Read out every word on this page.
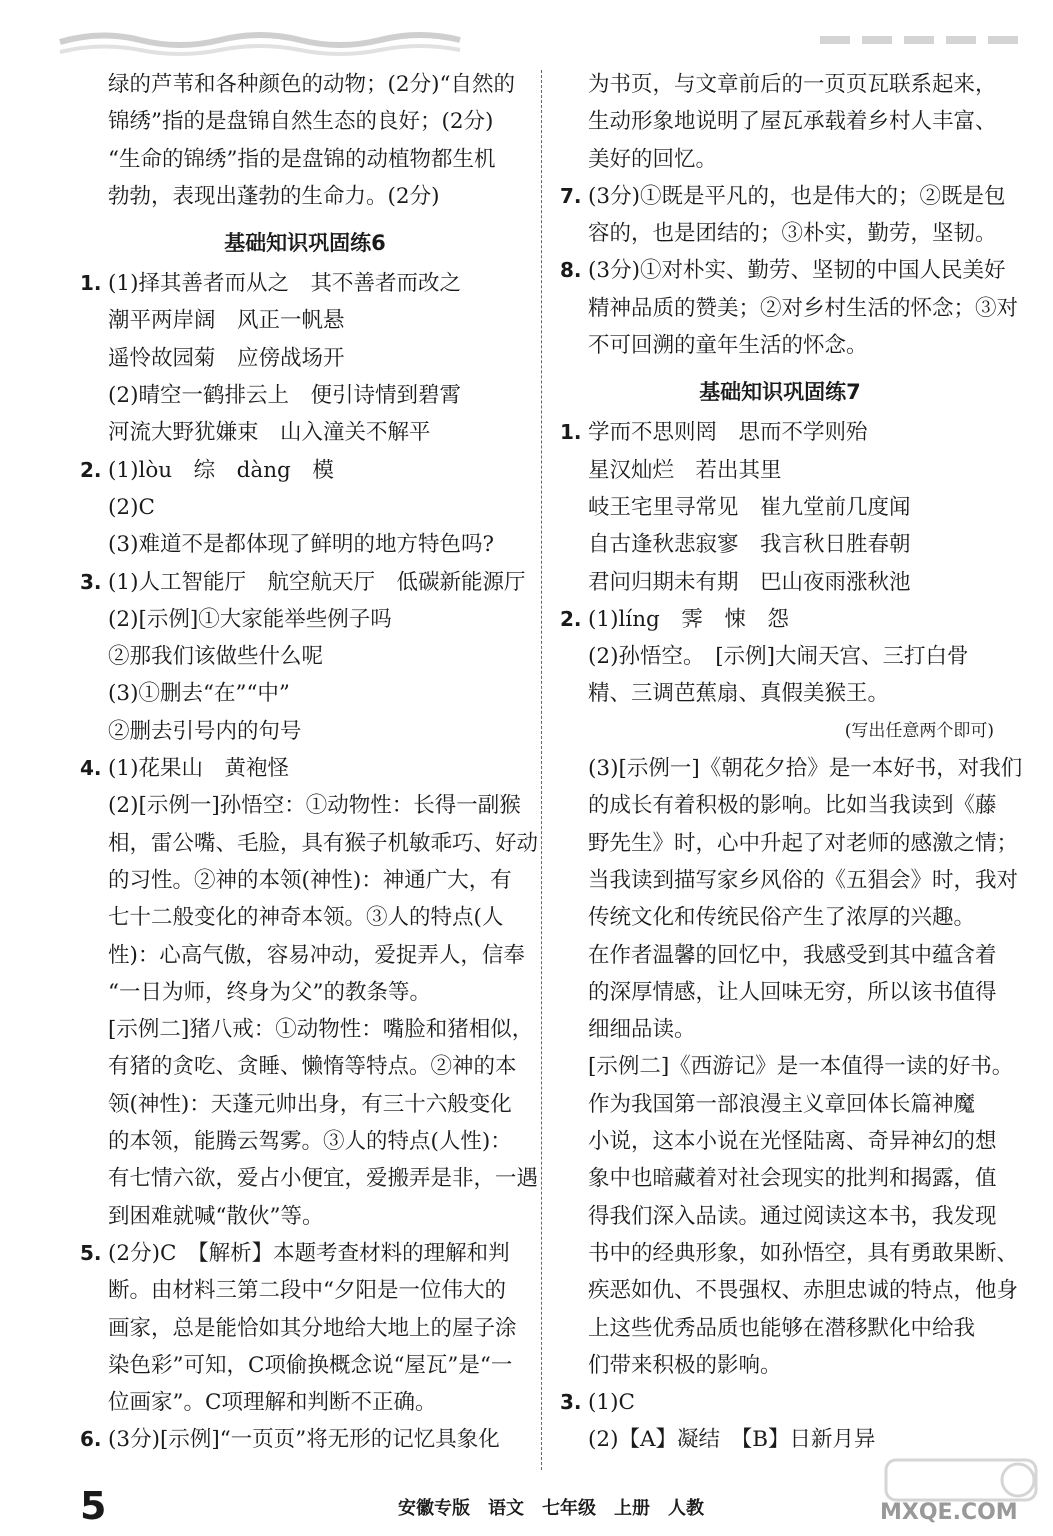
绿的芦苇和各种颜色的动物；(2分)“自然的
锦绣”指的是盘锦自然生态的良好；(2分)
“生命的锦绣”指的是盘锦的动植物都生机
勃勃，表现出蓬勃的生命力。(2分)
基础知识巩固练6
1. (1)择其善者而从之　其不善者而改之
潮平两岸阔　风正一帆悬
遥怜故园菊　应傍战场开
(2)晴空一鹤排云上　便引诗情到碧霄
河流大野犹嫌束　山入潼关不解平
2. (1)lòu　综　dàng　模
(2)C
(3)难道不是都体现了鲜明的地方特色吗?
3. (1)人工智能厅　航空航天厅　低碳新能源厅
(2)[示例]①大家能举些例子吗
②那我们该做些什么呢
(3)①删去“在”“中”
②删去引号内的句号
4. (1)花果山　黄袍怪
(2)[示例一]孙悟空：①动物性：长得一副猴
相，雷公嘴、毛脸，具有猴子机敏乖巧、好动
的习性。②神的本领(神性)：神通广大，有
七十二般变化的神奇本领。③人的特点(人
性)：心高气傲，容易冲动，爱捉弄人，信奉
“一日为师，终身为父”的教条等。
[示例二]猪八戒：①动物性：嘴脸和猪相似，
有猪的贪吃、贪睡、懒惰等特点。②神的本
领(神性)：天蓬元帅出身，有三十六般变化
的本领，能腾云驾雾。③人的特点(人性)：
有七情六欲，爱占小便宜，爱搬弄是非，一遇
到困难就喊“散伙”等。
5. (2分)C　【解析】本题考查材料的理解和判
断。由材料三第二段中“夕阳是一位伟大的
画家，总是能恰如其分地给大地上的屋子涂
染色彩”可知，C项偷换概念说“屋瓦”是“一
位画家”。C项理解和判断不正确。
6. (3分)[示例]“一页页”将无形的记忆具象化
为书页，与文章前后的一页页瓦联系起来，
生动形象地说明了屋瓦承载着乡村人丰富、
美好的回忆。
7. (3分)①既是平凡的，也是伟大的；②既是包
容的，也是团结的；③朴实，勤劳，坚韧。
8. (3分)①对朴实、勤劳、坚韧的中国人民美好
精神品质的赞美；②对乡村生活的怀念；③对
不可回溯的童年生活的怀念。
基础知识巩固练7
1. 学而不思则罔　思而不学则殆
星汉灿烂　若出其里
岐王宅里寻常见　崔九堂前几度闻
自古逢秋悲寂寥　我言秋日胜春朝
君问归期未有期　巴山夜雨涨秋池
2. (1)líng　霁　悚　怨
(2)孙悟空。　[示例]大闹天宫、三打白骨
精、三调芭蕉扇、真假美猴王。
(写出任意两个即可)
(3)[示例一]《朝花夕拾》是一本好书，对我们
的成长有着积极的影响。比如当我读到《藤
野先生》时，心中升起了对老师的感激之情；
当我读到描写家乡风俗的《五猖会》时，我对
传统文化和传统民俗产生了浓厚的兴趣。
在作者温馨的回忆中，我感受到其中蕴含着
的深厚情感，让人回味无穷，所以该书值得
细细品读。
[示例二]《西游记》是一本值得一读的好书。
作为我国第一部浪漫主义章回体长篇神魔
小说，这本小说在光怪陆离、奇异神幻的想
象中也暗藏着对社会现实的批判和揭露，值
得我们深入品读。通过阅读这本书，我发现
书中的经典形象，如孙悟空，具有勇敢果断、
疾恶如仇、不畏强权、赤胆忠诚的特点，他身
上这些优秀品质也能够在潜移默化中给我
们带来积极的影响。
3. (1)C
(2)【A】凝结　【B】日新月异
5	安徽专版　语文　七年级　上册　人教	MXQE.COM
